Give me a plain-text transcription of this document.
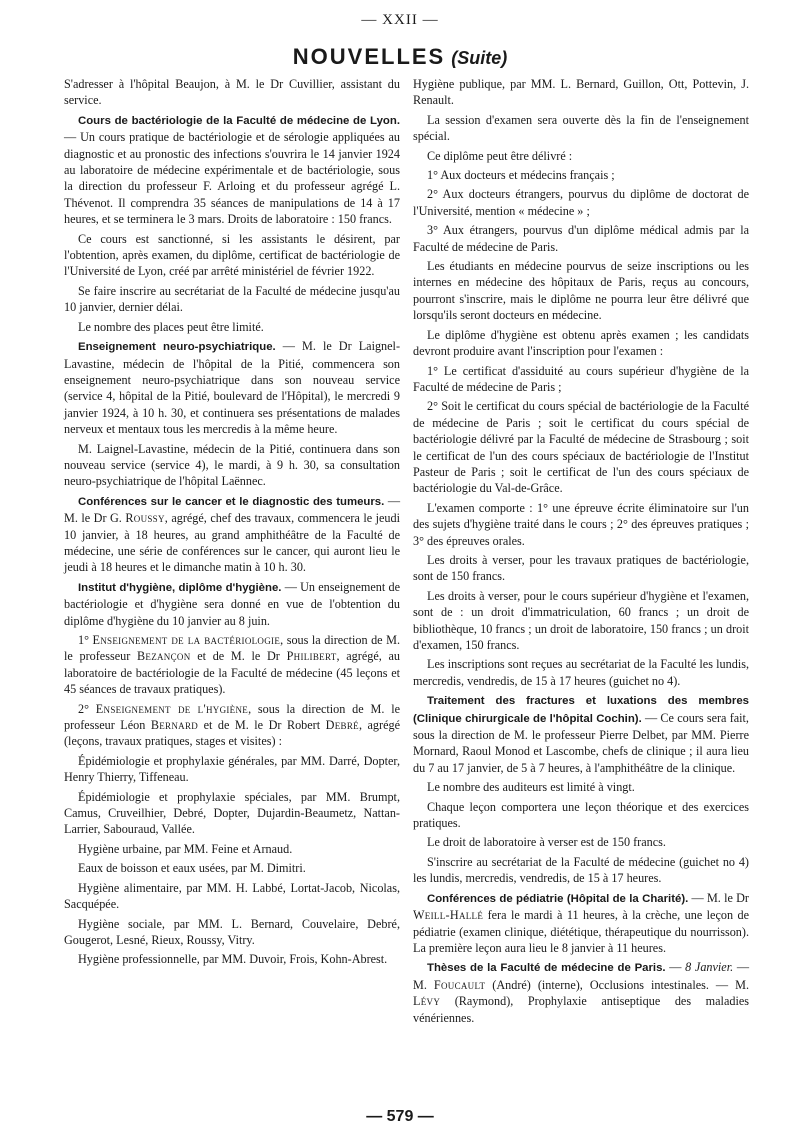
— XXII —
NOUVELLES (Suite)

S'adresser à l'hôpital Beaujon, à M. le Dr Cuvillier, assistant du service.

Cours de bactériologie de la Faculté de médecine de Lyon. — Un cours pratique de bactériologie et de sérologie appliquées au diagnostic et au pronostic des infections s'ouvrira le 14 janvier 1924 au laboratoire de médecine expérimentale et de bactériologie, sous la direction du professeur F. Arloing et du professeur agrégé L. Thévenot. Il comprendra 35 séances de manipulations de 14 à 17 heures, et se terminera le 3 mars. Droits de laboratoire : 150 francs.

Ce cours est sanctionné, si les assistants le désirent, par l'obtention, après examen, du diplôme, certificat de bactériologie de l'Université de Lyon, créé par arrêté ministériel de février 1922.

Se faire inscrire au secrétariat de la Faculté de médecine jusqu'au 10 janvier, dernier délai.

Le nombre des places peut être limité.

Enseignement neuro-psychiatrique. — M. le Dr Laignel-Lavastine, médecin de l'hôpital de la Pitié, commencera son enseignement neuro-psychiatrique dans son nouveau service (service 4, hôpital de la Pitié, boulevard de l'Hôpital), le mercredi 9 janvier 1924, à 10 h. 30, et continuera ses présentations de malades nerveux et mentaux tous les mercredis à la même heure.

M. Laignel-Lavastine, médecin de la Pitié, continuera dans son nouveau service (service 4), le mardi, à 9 h. 30, sa consultation neuro-psychiatrique de l'hôpital Laënnec.

Conférences sur le cancer et le diagnostic des tumeurs. — M. le Dr G. Roussy, agrégé, chef des travaux, commencera le jeudi 10 janvier, à 18 heures, au grand amphithéâtre de la Faculté de médecine, une série de conférences sur le cancer, qui auront lieu le jeudi à 18 heures et le dimanche matin à 10 h. 30.

Institut d'hygiène, diplôme d'hygiène. — Un enseignement de bactériologie et d'hygiène sera donné en vue de l'obtention du diplôme d'hygiène du 10 janvier au 8 juin.

1° Enseignement de la bactériologie, sous la direction de M. le professeur Bezançon et de M. le Dr Philibert, agrégé, au laboratoire de bactériologie de la Faculté de médecine (45 leçons et 45 séances de travaux pratiques).

2° Enseignement de l'hygiène, sous la direction de M. le professeur Léon Bernard et de M. le Dr Robert Debré, agrégé (leçons, travaux pratiques, stages et visites) :

Épidémiologie et prophylaxie générales, par MM. Darré, Dopter, Henry Thierry, Tiffeneau.

Épidémiologie et prophylaxie spéciales, par MM. Brumpt, Camus, Cruveilhier, Debré, Dopter, Dujardin-Beaumetz, Nattan-Larrier, Sabouraud, Vallée.

Hygiène urbaine, par MM. Feine et Arnaud.

Eaux de boisson et eaux usées, par M. Dimitri.

Hygiène alimentaire, par MM. H. Labbé, Lortat-Jacob, Nicolas, Sacquépée.

Hygiène sociale, par MM. L. Bernard, Couvelaire, Debré, Gougerot, Lesné, Rieux, Roussy, Vitry.

Hygiène professionnelle, par MM. Duvoir, Frois, Kohn-Abrest.

Hygiène publique, par MM. L. Bernard, Guillon, Ott, Pottevin, J. Renault.

La session d'examen sera ouverte dès la fin de l'enseignement spécial.

Ce diplôme peut être délivré :

1° Aux docteurs et médecins français ;

2° Aux docteurs étrangers, pourvus du diplôme de doctorat de l'Université, mention « médecine » ;

3° Aux étrangers, pourvus d'un diplôme médical admis par la Faculté de médecine de Paris.

Les étudiants en médecine pourvus de seize inscriptions ou les internes en médecine des hôpitaux de Paris, reçus au concours, pourront s'inscrire, mais le diplôme ne pourra leur être délivré que lorsqu'ils seront docteurs en médecine.

Le diplôme d'hygiène est obtenu après examen ; les candidats devront produire avant l'inscription pour l'examen :

1° Le certificat d'assiduité au cours supérieur d'hygiène de la Faculté de médecine de Paris ;

2° Soit le certificat du cours spécial de bactériologie de la Faculté de médecine de Paris ; soit le certificat du cours spécial de bactériologie délivré par la Faculté de médecine de Strasbourg ; soit le certificat de l'un des cours spéciaux de bactériologie de l'Institut Pasteur de Paris ; soit le certificat de l'un des cours spéciaux de bactériologie du Val-de-Grâce.

L'examen comporte : 1° une épreuve écrite éliminatoire sur l'un des sujets d'hygiène traité dans le cours ; 2° des épreuves pratiques ; 3° des épreuves orales.

Les droits à verser, pour les travaux pratiques de bactériologie, sont de 150 francs.

Les droits à verser, pour le cours supérieur d'hygiène et l'examen, sont de : un droit d'immatriculation, 60 francs ; un droit de bibliothèque, 10 francs ; un droit de laboratoire, 150 francs ; un droit d'examen, 150 francs.

Les inscriptions sont reçues au secrétariat de la Faculté les lundis, mercredis, vendredis, de 15 à 17 heures (guichet no 4).

Traitement des fractures et luxations des membres (Clinique chirurgicale de l'hôpital Cochin). — Ce cours sera fait, sous la direction de M. le professeur Pierre Delbet, par MM. Pierre Mornard, Raoul Monod et Lascombe, chefs de clinique ; il aura lieu du 7 au 17 janvier, de 5 à 7 heures, à l'amphithéâtre de la clinique.

Le nombre des auditeurs est limité à vingt.

Chaque leçon comportera une leçon théorique et des exercices pratiques.

Le droit de laboratoire à verser est de 150 francs.

S'inscrire au secrétariat de la Faculté de médecine (guichet no 4) les lundis, mercredis, vendredis, de 15 à 17 heures.

Conférences de pédiatrie (Hôpital de la Charité). — M. le Dr Weill-Hallé fera le mardi à 11 heures, à la crèche, une leçon de pédiatrie (examen clinique, diététique, thérapeutique du nourrisson). La première leçon aura lieu le 8 janvier à 11 heures.

Thèses de la Faculté de médecine de Paris. — 8 Janvier. — M. Foucault (André) (interne), Occlusions intestinales. — M. Lévy (Raymond), Prophylaxie antiseptique des maladies vénériennes.

— 579 —
